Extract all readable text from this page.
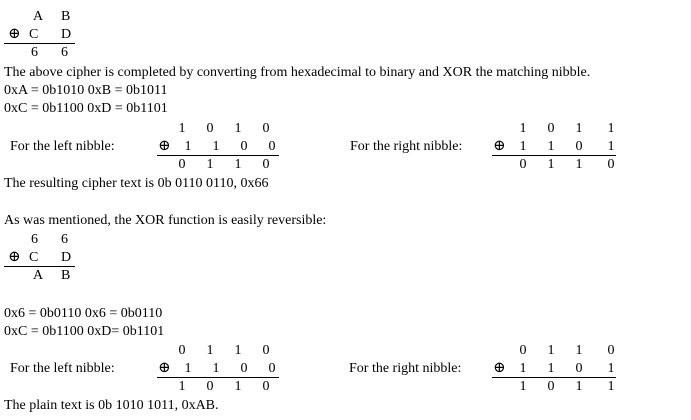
A B
⊕ C D
6 6
The above cipher is completed by converting from hexadecimal to binary and XOR the matching nibble.
0xA = 0b1010 0xB = 0b1011
0xC = 0b1100 0xD = 0b1101
For the left nibble:
1	0	1	0
⊕ 1	1	0	0
0	1	1	0
For the right nibble:
1	0	1	1
⊕ 1	1	0	1
0	1	1	0
The resulting cipher text is 0b 0110 0110, 0x66
As was mentioned, the XOR function is easily reversible:
6 6
⊕ C D
A B
0x6 = 0b0110 0x6 = 0b0110
0xC = 0b1100 0xD= 0b1101
For the left nibble:
0	1	1	0
⊕ 1	1	0	0
1	0	1	0
For the right nibble:
0	1	1	0
⊕ 1	1	0	1
1	0	1	1
The plain text is 0b 1010 1011, 0xAB.
